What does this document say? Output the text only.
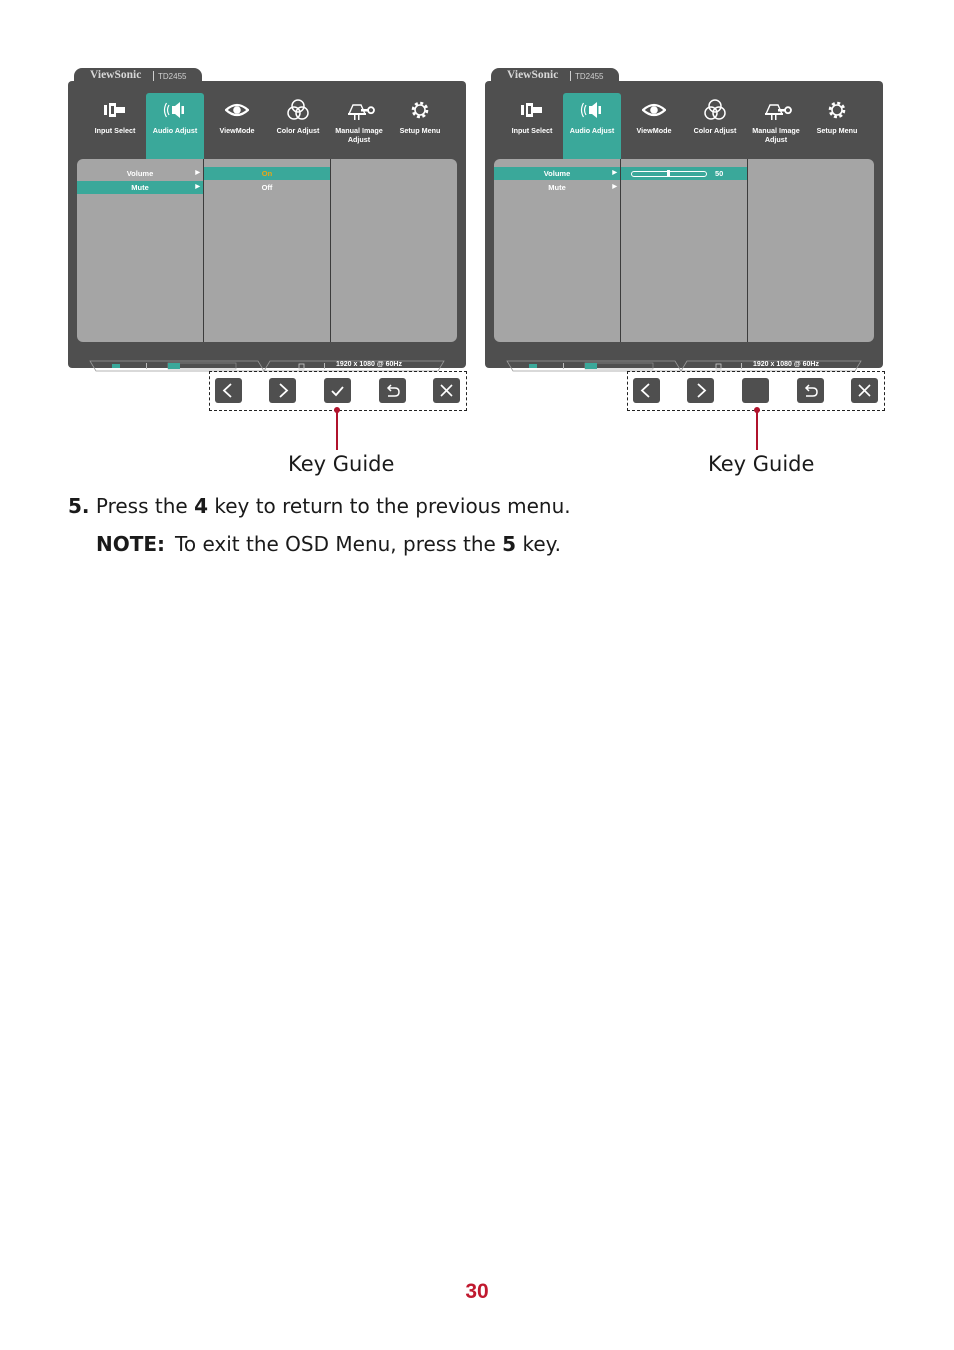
ViewSonic TD2455
Input Select	Audio Adjust	ViewMode	Color Adjust	Manual Image Adjust
Setup Menu
Volume	▶
Mute	▶
On
Off
1920 x 1080 @ 60Hz
ViewSonic TD2455
Input Select	Audio Adjust	ViewMode	Color Adjust	Manual Image Adjust
Setup Menu
Volume	▶
Mute	▶
50
1920 x 1080 @ 60Hz
Key Guide	Key Guide
5. Press the 4 key to return to the previous menu.
NOTE: To exit the OSD Menu, press the 5 key.
30
